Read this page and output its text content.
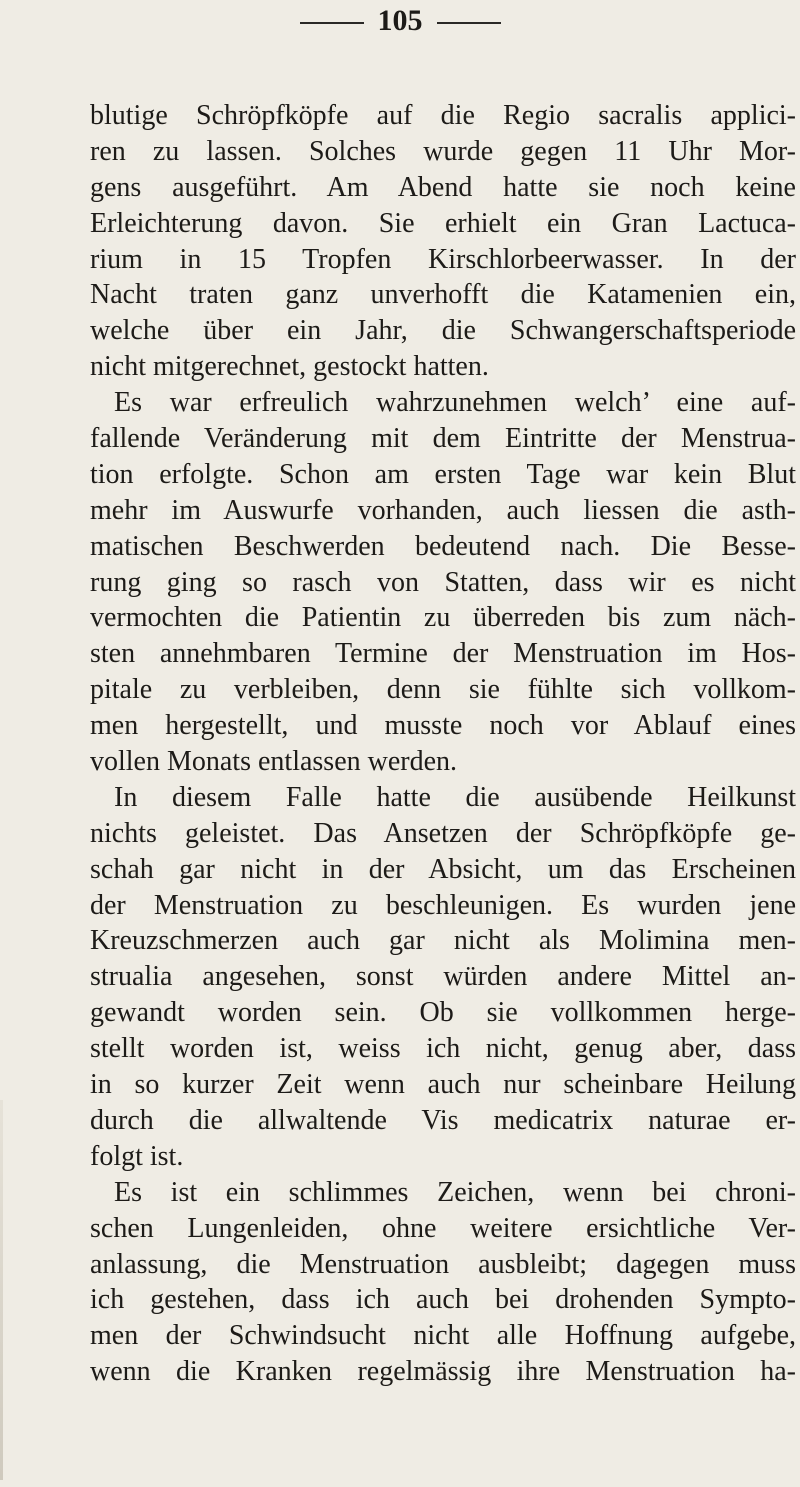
105
blutige Schröpfköpfe auf die Regio sacralis applici-
ren zu lassen. Solches wurde gegen 11 Uhr Mor-
gens ausgeführt. Am Abend hatte sie noch keine
Erleichterung davon. Sie erhielt ein Gran Lactuca-
rium in 15 Tropfen Kirschlorbeerwasser. In der
Nacht traten ganz unverhofft die Katamenien ein,
welche über ein Jahr, die Schwangerschaftsperiode
nicht mitgerechnet, gestockt hatten.
Es war erfreulich wahrzunehmen welch’ eine auf-
fallende Veränderung mit dem Eintritte der Menstrua-
tion erfolgte. Schon am ersten Tage war kein Blut
mehr im Auswurfe vorhanden, auch liessen die asth-
matischen Beschwerden bedeutend nach. Die Besse-
rung ging so rasch von Statten, dass wir es nicht
vermochten die Patientin zu überreden bis zum näch-
sten annehmbaren Termine der Menstruation im Hos-
pitale zu verbleiben, denn sie fühlte sich vollkom-
men hergestellt, und musste noch vor Ablauf eines
vollen Monats entlassen werden.
In diesem Falle hatte die ausübende Heilkunst
nichts geleistet. Das Ansetzen der Schröpfköpfe ge-
schah gar nicht in der Absicht, um das Erscheinen
der Menstruation zu beschleunigen. Es wurden jene
Kreuzschmerzen auch gar nicht als Molimina men-
strualia angesehen, sonst würden andere Mittel an-
gewandt worden sein. Ob sie vollkommen herge-
stellt worden ist, weiss ich nicht, genug aber, dass
in so kurzer Zeit wenn auch nur scheinbare Heilung
durch die allwaltende Vis medicatrix naturae er-
folgt ist.
Es ist ein schlimmes Zeichen, wenn bei chroni-
schen Lungenleiden, ohne weitere ersichtliche Ver-
anlassung, die Menstruation ausbleibt; dagegen muss
ich gestehen, dass ich auch bei drohenden Sympto-
men der Schwindsucht nicht alle Hoffnung aufgebe,
wenn die Kranken regelmässig ihre Menstruation ha-
